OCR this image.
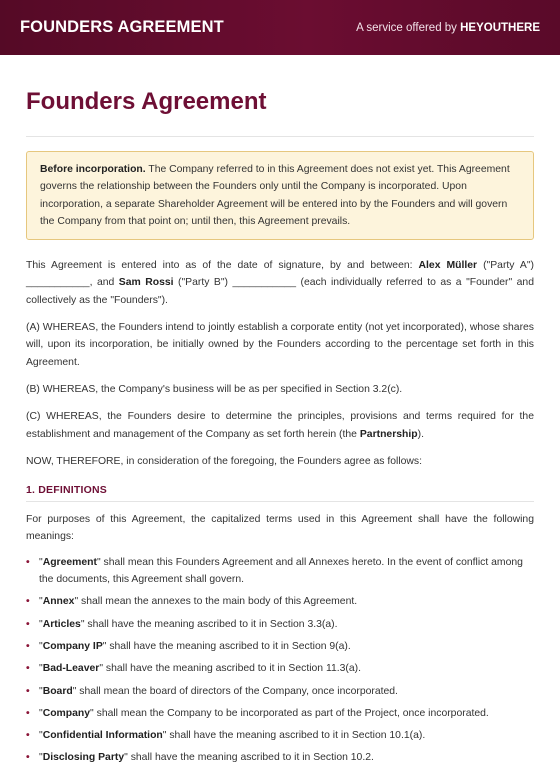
FOUNDERS AGREEMENT	A service offered by HEYOUTHERE
Founders Agreement
Before incorporation. The Company referred to in this Agreement does not exist yet. This Agreement governs the relationship between the Founders only until the Company is incorporated. Upon incorporation, a separate Shareholder Agreement will be entered into by the Founders and will govern the Company from that point on; until then, this Agreement prevails.

This Agreement is entered into as of the date of signature, by and between: Alex Müller ("Party A") ___________, and Sam Rossi ("Party B") ___________ (each individually referred to as a "Founder" and collectively as the "Founders").

(A) WHEREAS, the Founders intend to jointly establish a corporate entity (not yet incorporated), whose shares will, upon its incorporation, be initially owned by the Founders according to the percentage set forth in this Agreement.

(B) WHEREAS, the Company's business will be as per specified in Section 3.2(c).

(C) WHEREAS, the Founders desire to determine the principles, provisions and terms required for the establishment and management of the Company as set forth herein (the Partnership).

NOW, THEREFORE, in consideration of the foregoing, the Founders agree as follows:

1. DEFINITIONS

For purposes of this Agreement, the capitalized terms used in this Agreement shall have the following meanings:

• "Agreement" shall mean this Founders Agreement and all Annexes hereto. In the event of conflict among the documents, this Agreement shall govern.
• "Annex" shall mean the annexes to the main body of this Agreement.
• "Articles" shall have the meaning ascribed to it in Section 3.3(a).
• "Company IP" shall have the meaning ascribed to it in Section 9(a).
• "Bad-Leaver" shall have the meaning ascribed to it in Section 11.3(a).
• "Board" shall mean the board of directors of the Company, once incorporated.
• "Company" shall mean the Company to be incorporated as part of the Project, once incorporated.
• "Confidential Information" shall have the meaning ascribed to it in Section 10.1(a).
• "Disclosing Party" shall have the meaning ascribed to it in Section 10.2.
